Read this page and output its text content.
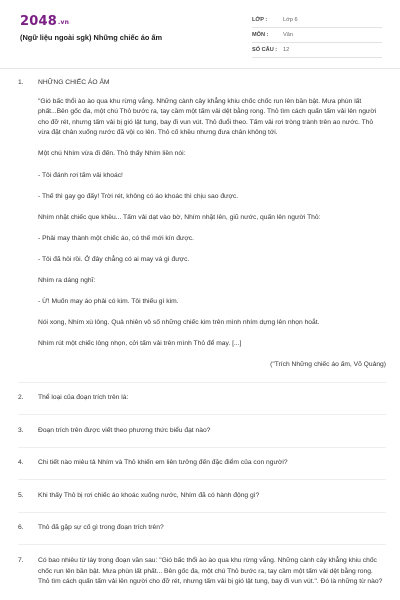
2048.vn
(Ngữ liệu ngoài sgk) Những chiếc áo ấm
LỚP :	Lớp 6
MÔN :	Văn
SỐ CÂU :	12
1.	NHỮNG CHIẾC ÁO ẤM

"Gió bấc thổi ào ào qua khu rừng vắng. Những cành cây khẳng khiu chốc chốc run lên bần bật. Mưa phùn lất phất...Bên gốc đa, một chú Thỏ bước ra, tay cầm một tấm vải dệt bằng rong. Thỏ tìm cách quấn tấm vải lên người cho đỡ rét, nhưng tấm vải bị gió lật tung, bay đi vun vút. Thỏ đuổi theo. Tấm vải rơi tròng trành trên ao nước. Thỏ vừa đặt chân xuống nước đã vội co lên. Thỏ cố khều nhưng đưa chân không tới.

Một chú Nhím vừa đi đến. Thỏ thấy Nhím liền nói:

- Tôi đánh rơi tấm vải khoác!

- Thế thì gay go đấy! Trời rét, không có áo khoác thì chịu sao được.

Nhím nhặt chiếc que khều... Tấm vải dạt vào bờ, Nhím nhặt lên, giũ nước, quấn lên người Thỏ:

- Phải may thành một chiếc áo, có thế mới kín được.

- Tôi đã hỏi rồi. Ở đây chẳng có ai may vá gì được.

Nhím ra dáng nghĩ:

- Ừ! Muốn may áo phải có kim. Tôi thiếu gì kim.

Nói xong, Nhím xù lông. Quả nhiên vô số những chiếc kim trên mình nhím dựng lên nhọn hoắt.

Nhím rút một chiếc lông nhọn, cởi tấm vải trên mình Thỏ để may. [...]

("Trích Những chiếc áo ấm, Võ Quảng)

2.	Thể loại của đoạn trích trên là:

3.	Đoạn trích trên được viết theo phương thức biểu đạt nào?

4.	Chi tiết nào miêu tả Nhím và Thỏ khiến em liên tưởng đến đặc điểm của con người?

5.	Khi thấy Thỏ bị rơi chiếc áo khoác xuống nước, Nhím đã có hành động gì?

6.	Thỏ đã gặp sự cố gì trong đoạn trích trên?

7.	Có bao nhiêu từ láy trong đoạn văn sau: "Gió bấc thổi ào ào qua khu rừng vắng. Những cành cây khẳng khiu chốc chốc run lên bần bật. Mưa phùn lất phất... Bên gốc đa, một chú Thỏ bước ra, tay cầm một tấm vải dệt bằng rong. Thỏ tìm cách quấn tấm vải lên người cho đỡ rét, nhưng tấm vải bị gió lật tung, bay đi vun vút.". Đó là những từ nào?
